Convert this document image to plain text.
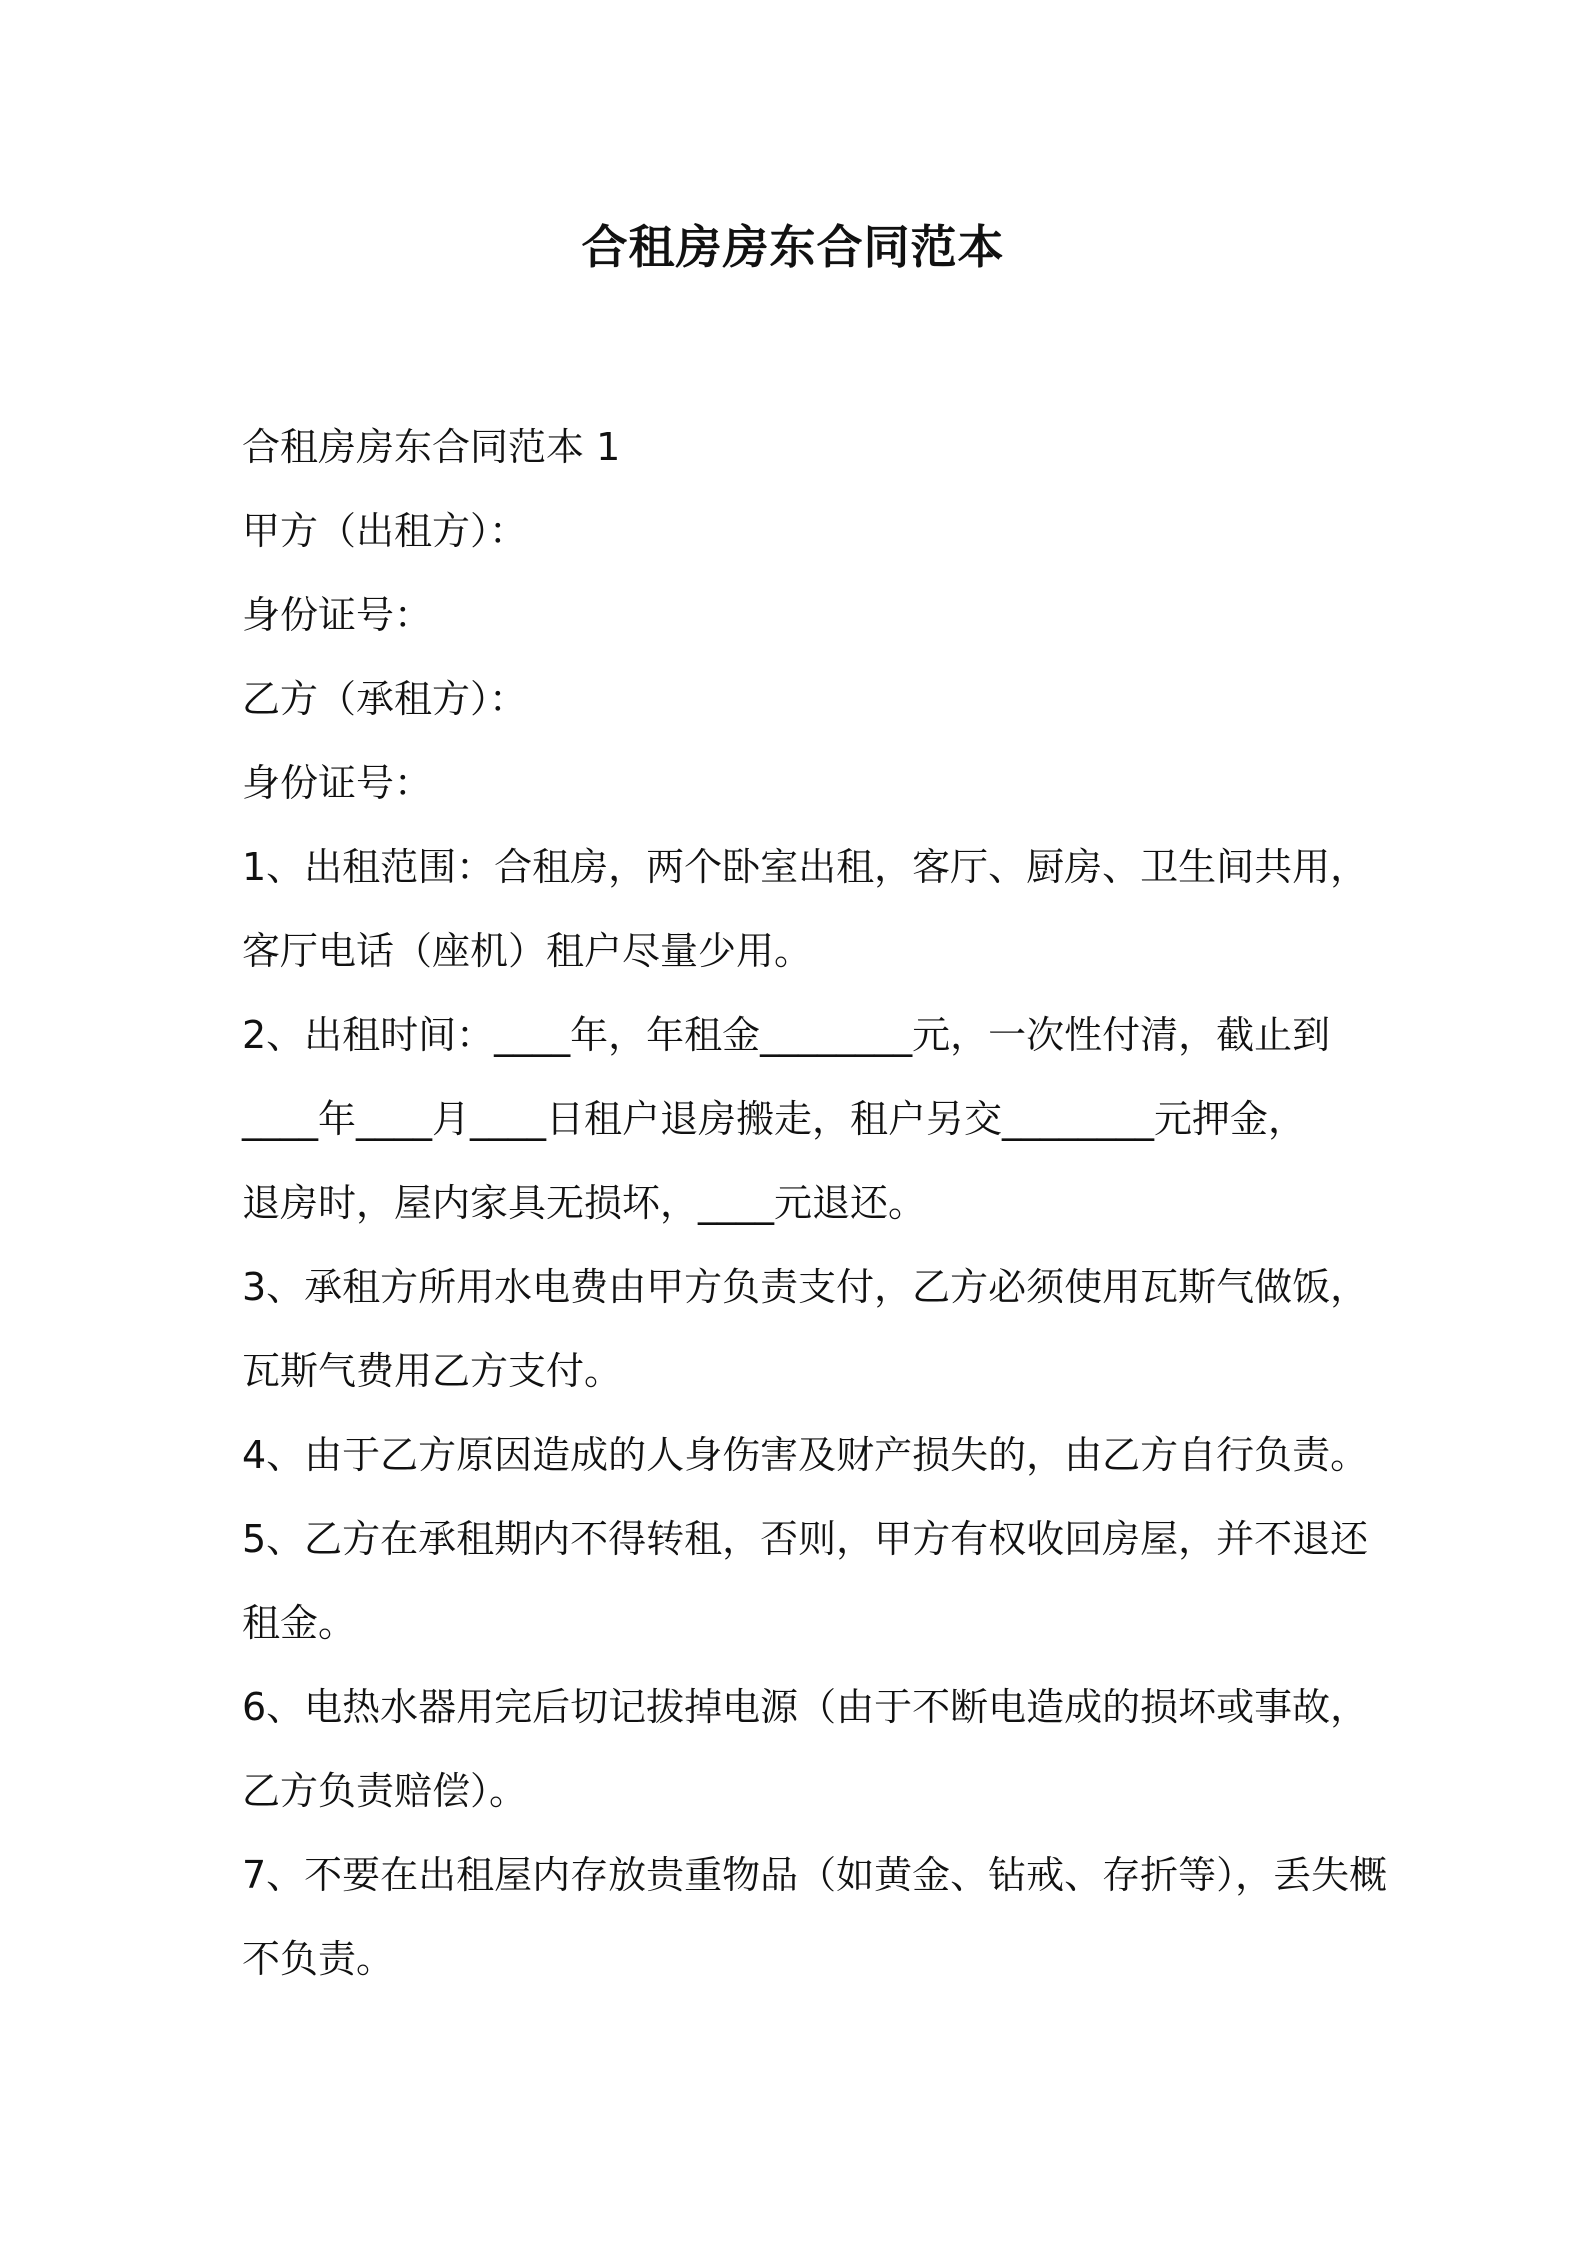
合租房房东合同范本
合租房房东合同范本 1
甲方（出租方）：
身份证号：
乙方（承租方）：
身份证号：
1、出租范围：合租房，两个卧室出租，客厅、厨房、卫生间共用，
客厅电话（座机）租户尽量少用。
2、出租时间：____年，年租金________元，一次性付清，截止到
____年____月____日租户退房搬走，租户另交________元押金，
退房时，屋内家具无损坏，____元退还。
3、承租方所用水电费由甲方负责支付，乙方必须使用瓦斯气做饭，
瓦斯气费用乙方支付。
4、由于乙方原因造成的人身伤害及财产损失的，由乙方自行负责。
5、乙方在承租期内不得转租，否则，甲方有权收回房屋，并不退还
租金。
6、电热水器用完后切记拔掉电源（由于不断电造成的损坏或事故，
乙方负责赔偿）。
7、不要在出租屋内存放贵重物品（如黄金、钻戒、存折等），丢失概
不负责。
